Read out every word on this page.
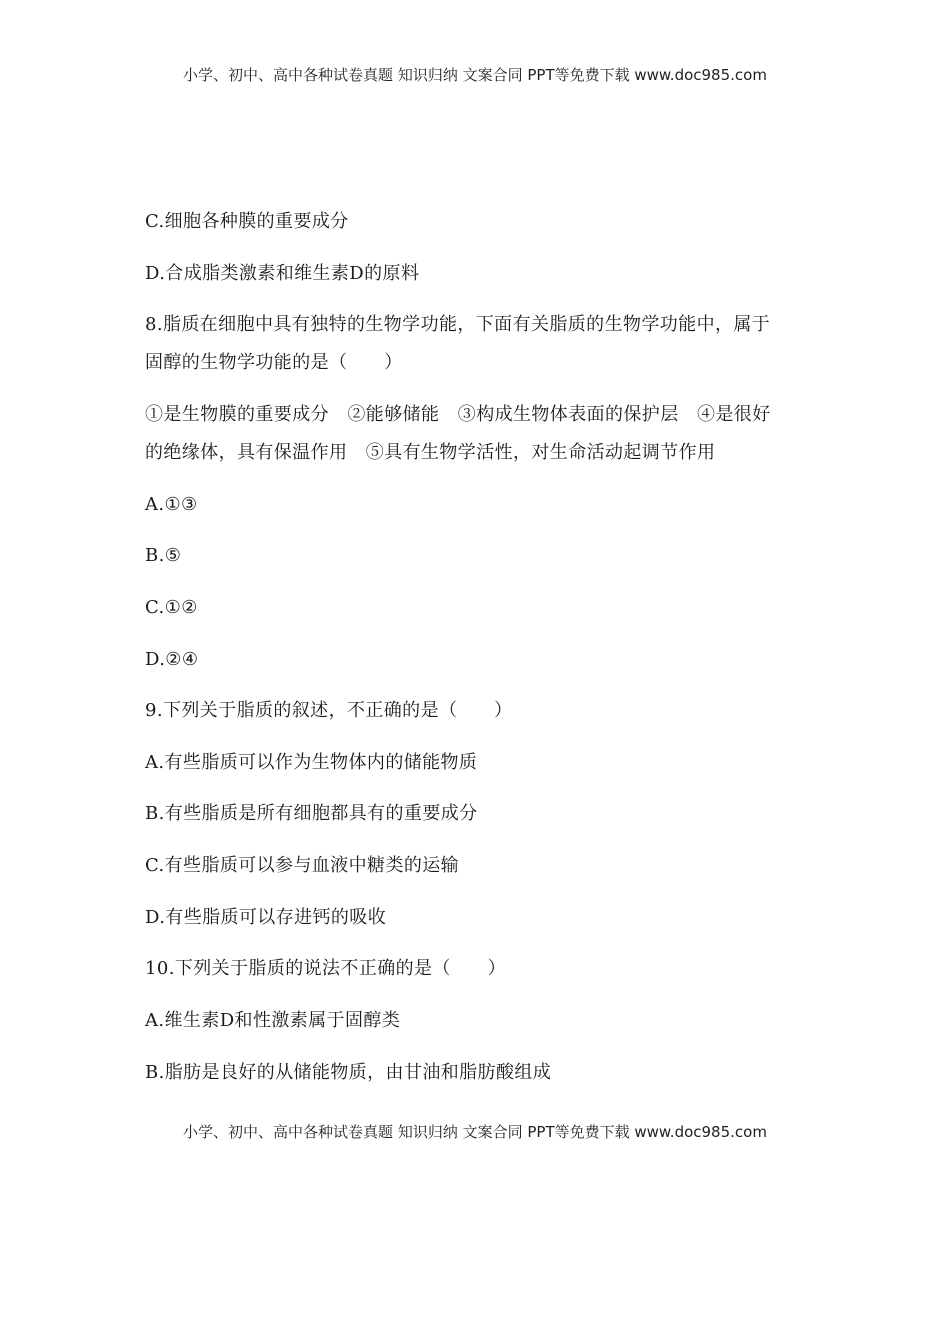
小学、初中、高中各种试卷真题 知识归纳 文案合同 PPT等免费下载 www.doc985.com
C.细胞各种膜的重要成分
D.合成脂类激素和维生素D的原料
8.脂质在细胞中具有独特的生物学功能，下面有关脂质的生物学功能中，属于
固醇的生物学功能的是（　　）
①是生物膜的重要成分　②能够储能　③构成生物体表面的保护层　④是很好
的绝缘体，具有保温作用　⑤具有生物学活性，对生命活动起调节作用
A.①③
B.⑤
C.①②
D.②④
9.下列关于脂质的叙述，不正确的是（　　）
A.有些脂质可以作为生物体内的储能物质
B.有些脂质是所有细胞都具有的重要成分
C.有些脂质可以参与血液中糖类的运输
D.有些脂质可以存进钙的吸收
10.下列关于脂质的说法不正确的是（　　）
A.维生素D和性激素属于固醇类
B.脂肪是良好的从储能物质，由甘油和脂肪酸组成
小学、初中、高中各种试卷真题 知识归纳 文案合同 PPT等免费下载 www.doc985.com
